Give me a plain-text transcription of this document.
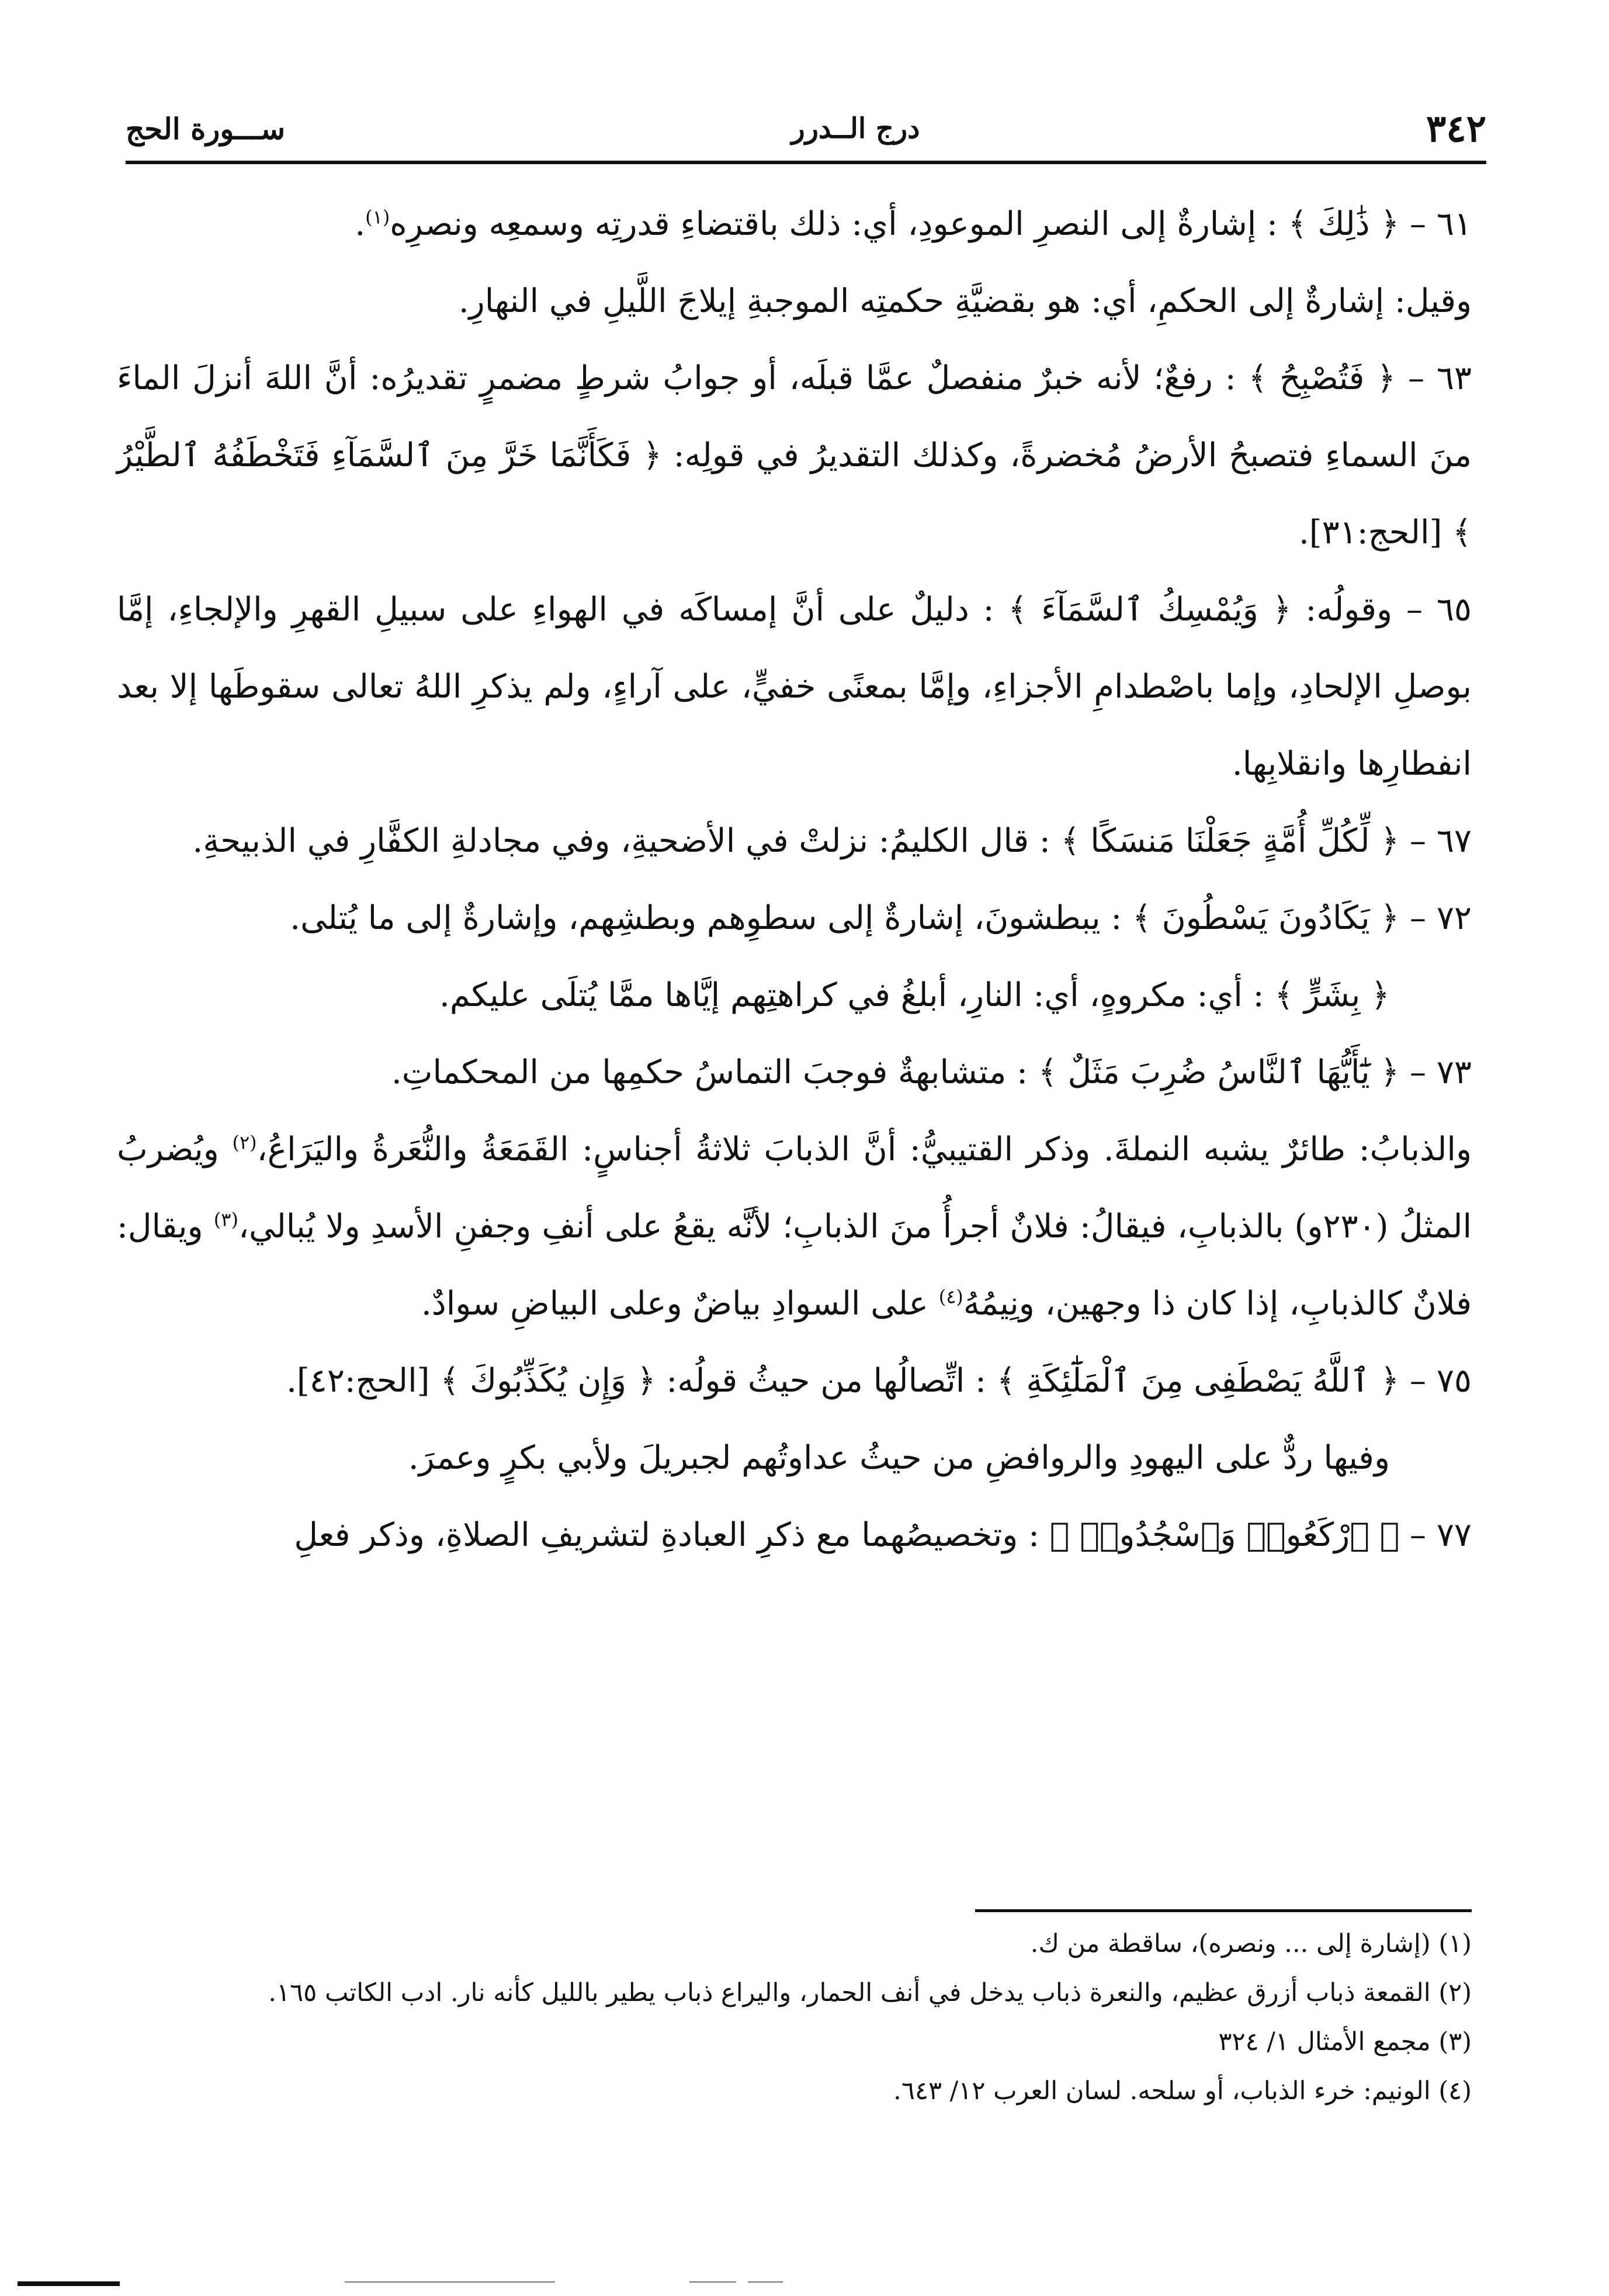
٣٤٢
درج الــدرر
ســـورة الحج

٦١ – ﴿ ذَٰلِكَ ﴾ : إشارةٌ إلى النصرِ الموعودِ، أي: ذلك باقتضاءِ قدرتِه وسمعِه ونصرِه$^{(١)}$.

وقيل: إشارةٌ إلى الحكمِ، أي: هو بقضيَّةِ حكمتِه الموجبةِ إيلاجَ اللَّيلِ في النهارِ.

٦٣ – ﴿ فَتُصْبِحُ ﴾ : رفعٌ؛ لأنه خبرٌ منفصلٌ عمَّا قبلَه، أو جوابُ شرطٍ مضمرٍ تقديرُه: أنَّ اللهَ أنزلَ الماءَ منَ السماءِ فتصبحُ الأرضُ مُخضرةً، وكذلك التقديرُ في قولِه: ﴿ فَكَأَنَّمَا خَرَّ مِنَ ٱلسَّمَآءِ فَتَخْطَفُهُ ٱلطَّيْرُ ﴾ [الحج:٣١].

٦٥ – وقولُه: ﴿ وَيُمْسِكُ ٱلسَّمَآءَ ﴾ : دليلٌ على أنَّ إمساكَه في الهواءِ على سبيلِ القهرِ والإلجاءِ، إمَّا بوصلِ الإلحادِ، وإما باصْطدامِ الأجزاءِ، وإمَّا بمعنًى خفيٍّ، على آراءٍ، ولم يذكرِ اللهُ تعالى سقوطَها إلا بعد انفطارِها وانقلابِها.

٦٧ – ﴿ لِّكُلِّ أُمَّةٍ جَعَلْنَا مَنسَكًا ﴾ : قال الكليمُ: نزلتْ في الأضحيةِ، وفي مجادلةِ الكفَّارِ في الذبيحةِ.

٧٢ – ﴿ يَكَادُونَ يَسْطُونَ ﴾ : يبطشونَ، إشارةٌ إلى سطوِهم وبطشِهم، وإشارةٌ إلى ما يُتلى.

﴿ بِشَرٍّ ﴾ : أي: مكروهٍ، أي: النارِ، أبلغُ في كراهتِهم إيَّاها ممَّا يُتلَى عليكم.

٧٣ – ﴿ يَٰٓأَيُّهَا ٱلنَّاسُ ضُرِبَ مَثَلٌ ﴾ : متشابهةٌ فوجبَ التماسُ حكمِها من المحكماتِ.

والذبابُ: طائرٌ يشبه النملةَ. وذكر القتيبيُّ: أنَّ الذبابَ ثلاثةُ أجناسٍ: القَمَعَةُ والنُّعَرةُ واليَرَاعُ،$^{(٢)}$ ويُضربُ المثلُ (٢٣٠و) بالذبابِ، فيقالُ: فلانٌ أجرأُ منَ الذبابِ؛ لأنَّه يقعُ على أنفِ وجفنِ الأسدِ ولا يُبالي،$^{(٣)}$ ويقال: فلانٌ كالذبابِ، إذا كان ذا وجهين، ونِيمُهُ$^{(٤)}$ على السوادِ بياضٌ وعلى البياضِ سوادٌ.

٧٥ – ﴿ ٱللَّهُ يَصْطَفِى مِنَ ٱلْمَلَٰٓئِكَةِ ﴾ : اتِّصالُها من حيثُ قولُه: ﴿ وَإِن يُكَذِّبُوكَ ﴾ [الحج:٤٢].

وفيها ردٌّ على اليهودِ والروافضِ من حيثُ عداوتُهم لجبريلَ ولأبي بكرٍ وعمرَ.

٧٧ – ﴿ ٱرْكَعُوا۟ وَٱسْجُدُوا۟ ﴾ : وتخصيصُهما مع ذكرِ العبادةِ لتشريفِ الصلاةِ، وذكر فعلِ

(١) (إشارة إلى ... ونصره)، ساقطة من ك.

(٢) القمعة ذباب أزرق عظيم، والنعرة ذباب يدخل في أنف الحمار، واليراع ذباب يطير بالليل كأنه نار. ادب الكاتب ١٦٥.

(٣) مجمع الأمثال ١/ ٣٢٤

(٤) الونيم: خرء الذباب، أو سلحه. لسان العرب ١٢/ ٦٤٣.
